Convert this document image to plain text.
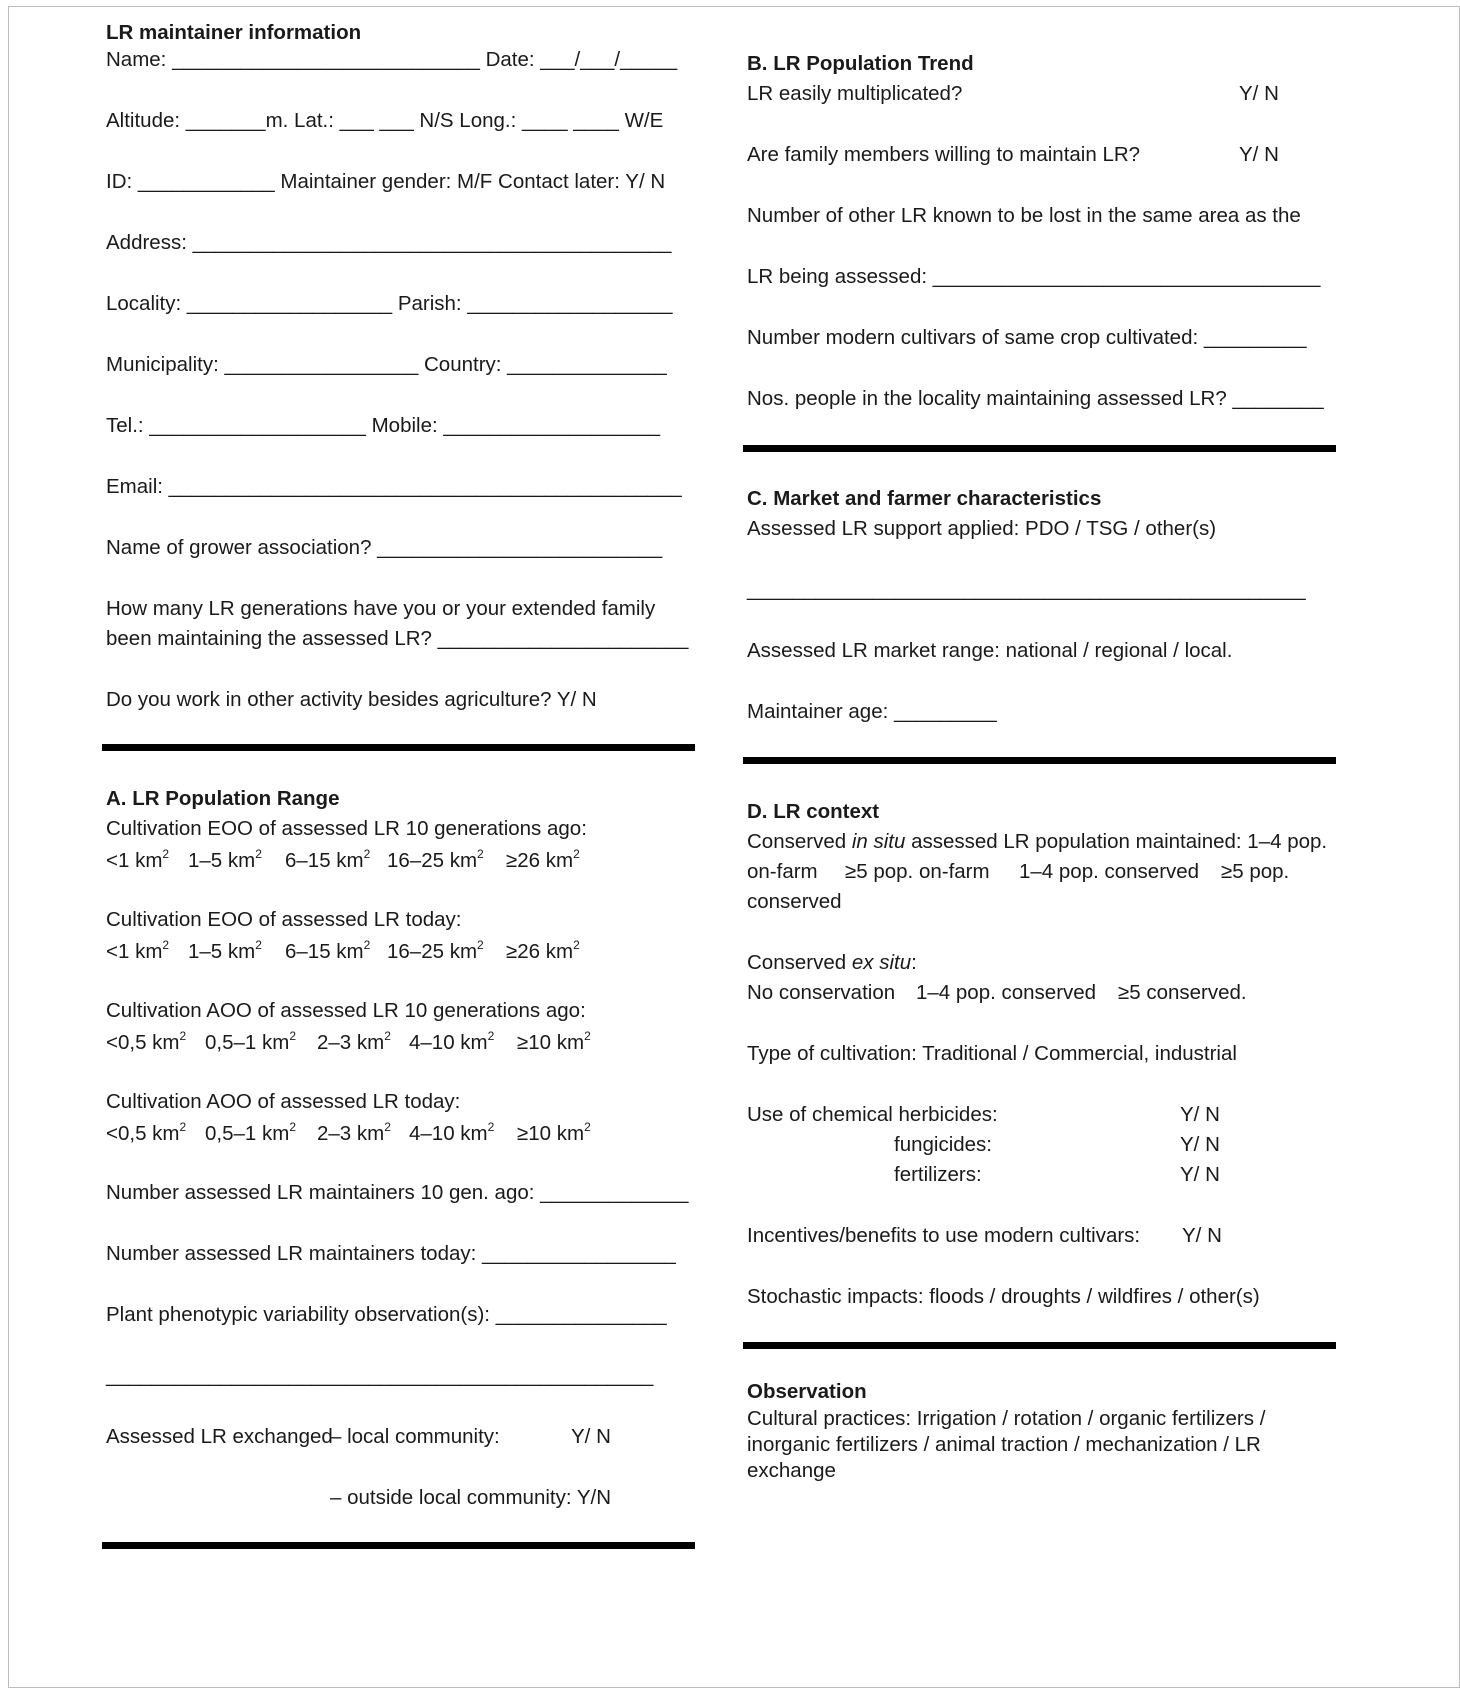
LR maintainer information
Name: ___________________________ Date: ___/___/_____
Altitude: _______m. Lat.: ___ ___ N/S Long.: ____ ____ W/E
ID: ____________ Maintainer gender: M/F Contact later: Y/ N
Address: __________________________________________
Locality: __________________ Parish: __________________
Municipality: _________________ Country: ______________
Tel.: ___________________ Mobile: ___________________
Email: _____________________________________________
Name of grower association? _________________________
How many LR generations have you or your extended family
been maintaining the assessed LR? ______________________
Do you work in other activity besides agriculture? Y/ N
A. LR Population Range
Cultivation EOO of assessed LR 10 generations ago:
<1 $km^2$ 1–5 $km^2$ 6–15 $km^2$ 16–25 $km^2 \ge 26$ $km^2$
Cultivation EOO of assessed LR today:
<1 $km^2$ 1–5 $km^2$ 6–15 $km^2$ 16–25 $km^2 \ge 26$ $km^2$
Cultivation AOO of assessed LR 10 generations ago:
<0,5 $km^2$ 0,5–1 $km^2$ 2–3 $km^2$ 4–10 $km^2 \ge 10$ $km^2$
Cultivation AOO of assessed LR today:
<0,5 $km^2$ 0,5–1 $km^2$ 2–3 $km^2$ 4–10 $km^2 \ge 10$ $km^2$
Number assessed LR maintainers 10 gen. ago: _____________
Number assessed LR maintainers today: _________________
Plant phenotypic variability observation(s): _______________
________________________________________________
Assessed LR exchanged
– local community:	Y/ N
– outside local community: Y/N
B. LR Population Trend
LR easily multiplicated?	Y/ N
Are family members willing to maintain LR?	Y/ N
Number of other LR known to be lost in the same area as the
LR being assessed: __________________________________
Number modern cultivars of same crop cultivated: _________
Nos. people in the locality maintaining assessed LR? ________
C. Market and farmer characteristics
Assessed LR support applied: PDO / TSG / other(s)
_________________________________________________
Assessed LR market range: national / regional / local.
Maintainer age: _________
D. LR context
Conserved in situ assessed LR population maintained: 1–4 pop.
on-farm ≥5 pop. on-farm 1–4 pop. conserved ≥5 pop.
conserved
Conserved ex situ:
No conservation 1–4 pop. conserved ≥5 conserved.
Type of cultivation: Traditional / Commercial, industrial
Use of chemical herbicides:	Y/ N
fungicides:	Y/ N
fertilizers:	Y/ N
Incentives/benefits to use modern cultivars: Y/ N
Stochastic impacts: floods / droughts / wildfires / other(s)
Observation
Cultural practices: Irrigation / rotation / organic fertilizers /
inorganic fertilizers / animal traction / mechanization / LR
exchange
